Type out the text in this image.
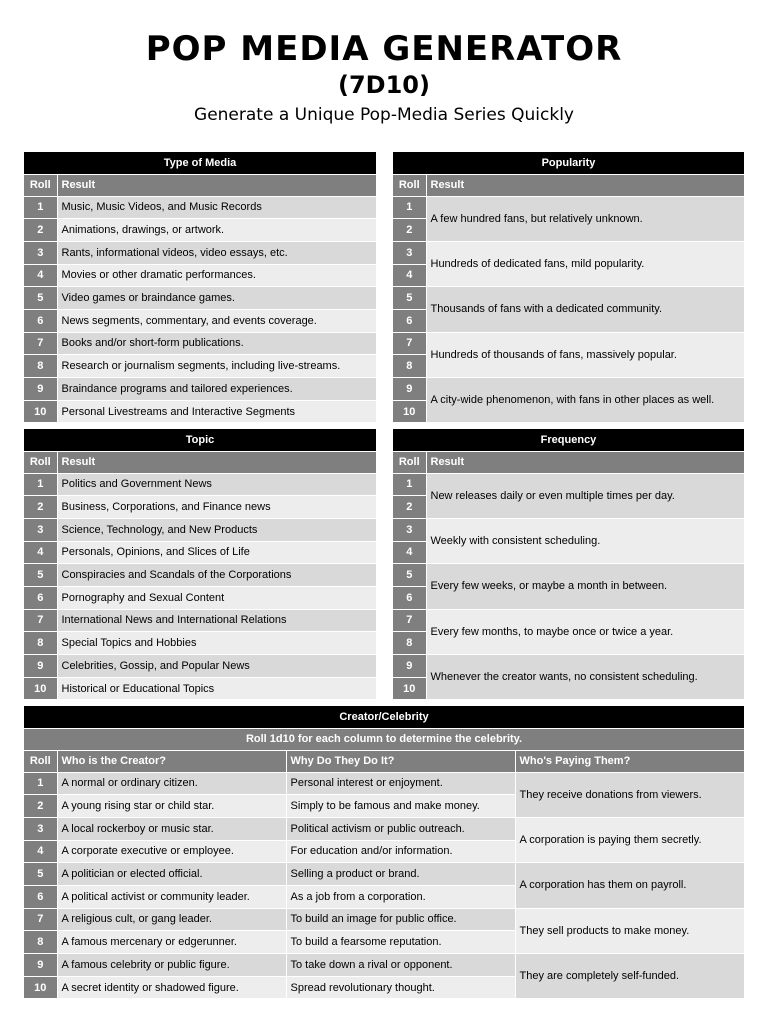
POP MEDIA GENERATOR
(7D10)
Generate a Unique Pop-Media Series Quickly
Type of Media	
Roll	Result
1	Music, Music Videos, and Music Records
2	Animations, drawings, or artwork.
3	Rants, informational videos, video essays, etc.
4	Movies or other dramatic performances.
5	Video games or braindance games.
6	News segments, commentary, and events coverage.
7	Books and/or short-form publications.
8	Research or journalism segments, including live-streams.
9	Braindance programs and tailored experiences.
10	Personal Livestreams and Interactive Segments
Popularity	
Roll	Result
1	A few hundred fans, but relatively unknown.
2	
3	Hundreds of dedicated fans, mild popularity.
4	
5	Thousands of fans with a dedicated community.
6	
7	Hundreds of thousands of fans, massively popular.
8	
9	A city-wide phenomenon, with fans in other places as well.
10	
Topic	
Roll	Result
1	Politics and Government News
2	Business, Corporations, and Finance news
3	Science, Technology, and New Products
4	Personals, Opinions, and Slices of Life
5	Conspiracies and Scandals of the Corporations
6	Pornography and Sexual Content
7	International News and International Relations
8	Special Topics and Hobbies
9	Celebrities, Gossip, and Popular News
10	Historical or Educational Topics
Frequency	
Roll	Result
1	New releases daily or even multiple times per day.
2	
3	Weekly with consistent scheduling.
4	
5	Every few weeks, or maybe a month in between.
6	
7	Every few months, to maybe once or twice a year.
8	
9	Whenever the creator wants, no consistent scheduling.
10	
Creator/Celebrity			
Roll 1d10 for each column to determine the celebrity.			
Roll	Who is the Creator?	Why Do They Do It?	Who's Paying Them?
1	A normal or ordinary citizen.	Personal interest or enjoyment.	They receive donations from viewers.
2	A young rising star or child star.	Simply to be famous and make money.	
3	A local rockerboy or music star.	Political activism or public outreach.	A corporation is paying them secretly.
4	A corporate executive or employee.	For education and/or information.	
5	A politician or elected official.	Selling a product or brand.	A corporation has them on payroll.
6	A political activist or community leader.	As a job from a corporation.	
7	A religious cult, or gang leader.	To build an image for public office.	They sell products to make money.
8	A famous mercenary or edgerunner.	To build a fearsome reputation.	
9	A famous celebrity or public figure.	To take down a rival or opponent.	They are completely self-funded.
10	A secret identity or shadowed figure.	Spread revolutionary thought.	
